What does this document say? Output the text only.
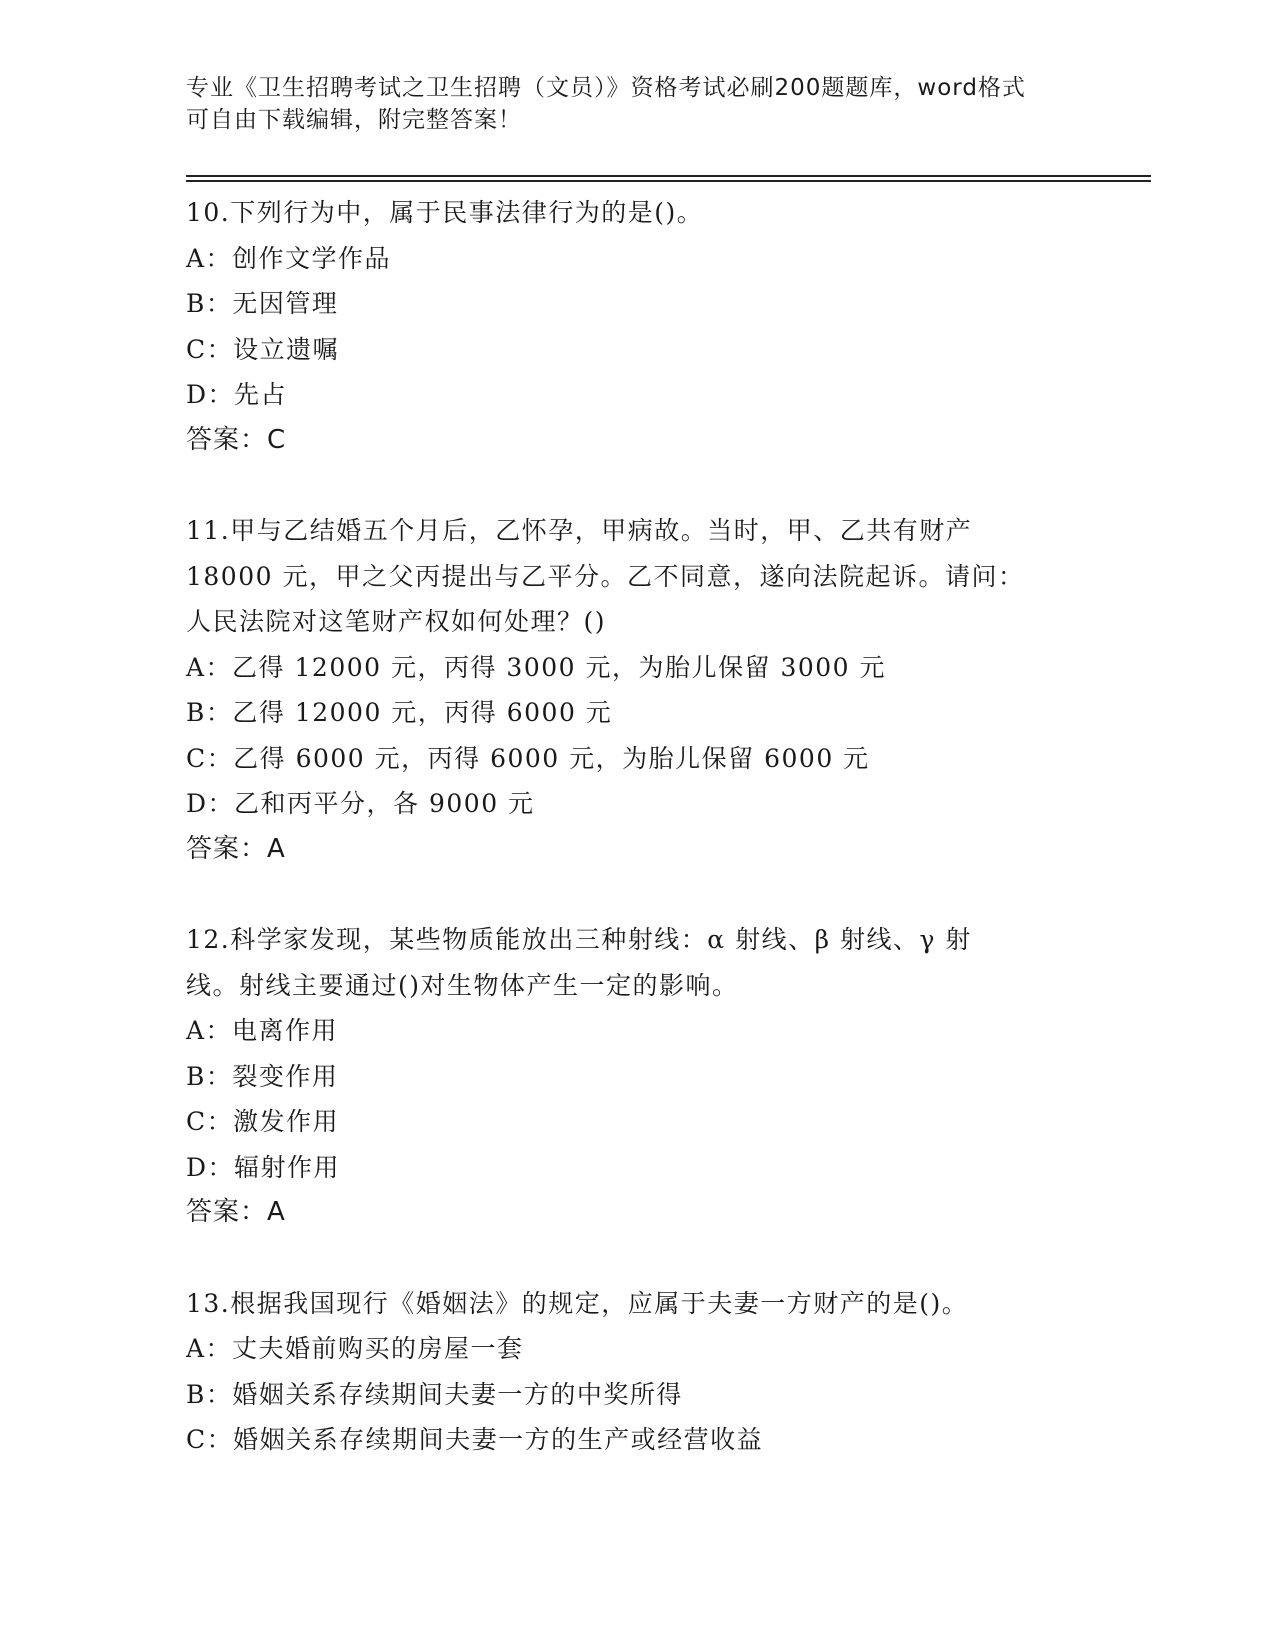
专业《卫生招聘考试之卫生招聘（文员）》资格考试必刷200题题库，word格式
可自由下载编辑，附完整答案！
10.下列行为中，属于民事法律行为的是()。
A：创作文学作品
B：无因管理
C：设立遗嘱
D：先占
答案：C
11.甲与乙结婚五个月后，乙怀孕，甲病故。当时，甲、乙共有财产
18000 元，甲之父丙提出与乙平分。乙不同意，遂向法院起诉。请问：
人民法院对这笔财产权如何处理？()
A：乙得 12000 元，丙得 3000 元，为胎儿保留 3000 元
B：乙得 12000 元，丙得 6000 元
C：乙得 6000 元，丙得 6000 元，为胎儿保留 6000 元
D：乙和丙平分，各 9000 元
答案：A
12.科学家发现，某些物质能放出三种射线：α 射线、β 射线、γ 射
线。射线主要通过()对生物体产生一定的影响。
A：电离作用
B：裂变作用
C：激发作用
D：辐射作用
答案：A
13.根据我国现行《婚姻法》的规定，应属于夫妻一方财产的是()。
A：丈夫婚前购买的房屋一套
B：婚姻关系存续期间夫妻一方的中奖所得
C：婚姻关系存续期间夫妻一方的生产或经营收益
